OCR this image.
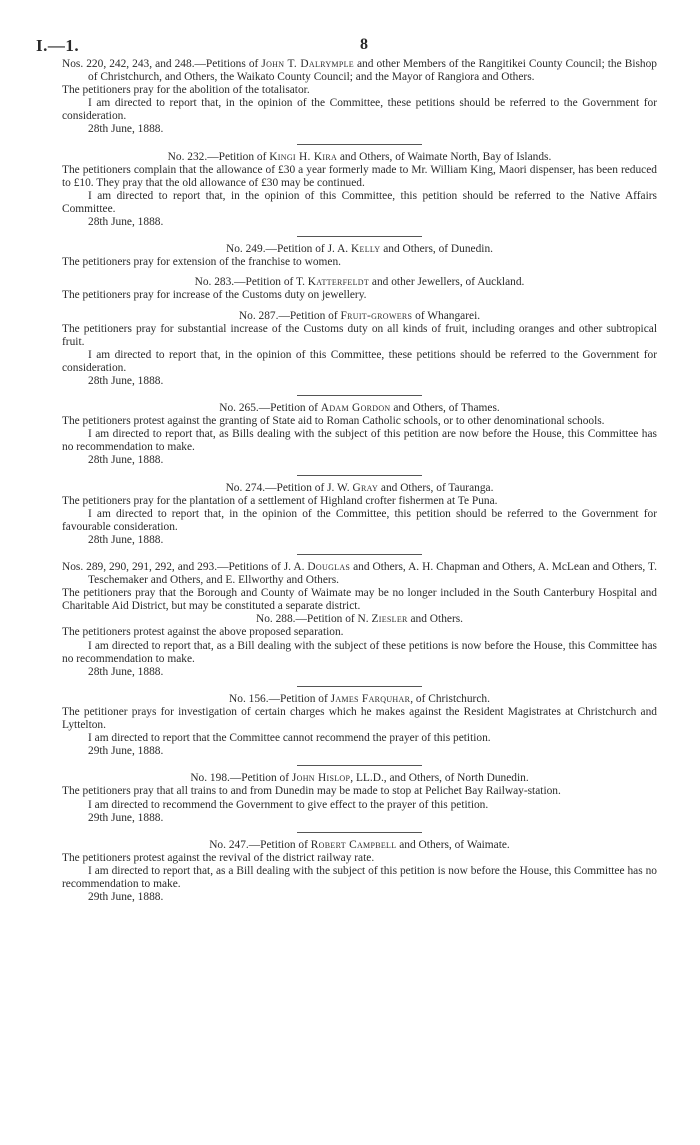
I.—1.	8

Nos. 220, 242, 243, and 248.—Petitions of John T. Dalrymple and other Members of the Rangitikei County Council; the Bishop of Christchurch, and Others, the Waikato County Council; and the Mayor of Rangiora and Others.

The petitioners pray for the abolition of the totalisator.

I am directed to report that, in the opinion of the Committee, these petitions should be referred to the Government for consideration.

28th June, 1888.

No. 232.—Petition of Kingi H. Kira and Others, of Waimate North, Bay of Islands.

The petitioners complain that the allowance of £30 a year formerly made to Mr. William King, Maori dispenser, has been reduced to £10. They pray that the old allowance of £30 may be continued.

I am directed to report that, in the opinion of this Committee, this petition should be referred to the Native Affairs Committee.

28th June, 1888.

No. 249.—Petition of J. A. Kelly and Others, of Dunedin.

The petitioners pray for extension of the franchise to women.

No. 283.—Petition of T. Katterfeldt and other Jewellers, of Auckland.

The petitioners pray for increase of the Customs duty on jewellery.

No. 287.—Petition of Fruit-growers of Whangarei.

The petitioners pray for substantial increase of the Customs duty on all kinds of fruit, including oranges and other subtropical fruit.

I am directed to report that, in the opinion of this Committee, these petitions should be referred to the Government for consideration.

28th June, 1888.

No. 265.—Petition of Adam Gordon and Others, of Thames.

The petitioners protest against the granting of State aid to Roman Catholic schools, or to other denominational schools.

I am directed to report that, as Bills dealing with the subject of this petition are now before the House, this Committee has no recommendation to make.

28th June, 1888.

No. 274.—Petition of J. W. Gray and Others, of Tauranga.

The petitioners pray for the plantation of a settlement of Highland crofter fishermen at Te Puna.

I am directed to report that, in the opinion of the Committee, this petition should be referred to the Government for favourable consideration.

28th June, 1888.

Nos. 289, 290, 291, 292, and 293.—Petitions of J. A. Douglas and Others, A. H. Chapman and Others, A. McLean and Others, T. Teschemaker and Others, and E. Ellworthy and Others.

The petitioners pray that the Borough and County of Waimate may be no longer included in the South Canterbury Hospital and Charitable Aid District, but may be constituted a separate district.

No. 288.—Petition of N. Ziesler and Others.

The petitioners protest against the above proposed separation.

I am directed to report that, as a Bill dealing with the subject of these petitions is now before the House, this Committee has no recommendation to make.

28th June, 1888.

No. 156.—Petition of James Farquhar, of Christchurch.

The petitioner prays for investigation of certain charges which he makes against the Resident Magistrates at Christchurch and Lyttelton.

I am directed to report that the Committee cannot recommend the prayer of this petition.

29th June, 1888.

No. 198.—Petition of John Hislop, LL.D., and Others, of North Dunedin.

The petitioners pray that all trains to and from Dunedin may be made to stop at Pelichet Bay Railway-station.

I am directed to recommend the Government to give effect to the prayer of this petition.

29th June, 1888.

No. 247.—Petition of Robert Campbell and Others, of Waimate.

The petitioners protest against the revival of the district railway rate.

I am directed to report that, as a Bill dealing with the subject of this petition is now before the House, this Committee has no recommendation to make.

29th June, 1888.
